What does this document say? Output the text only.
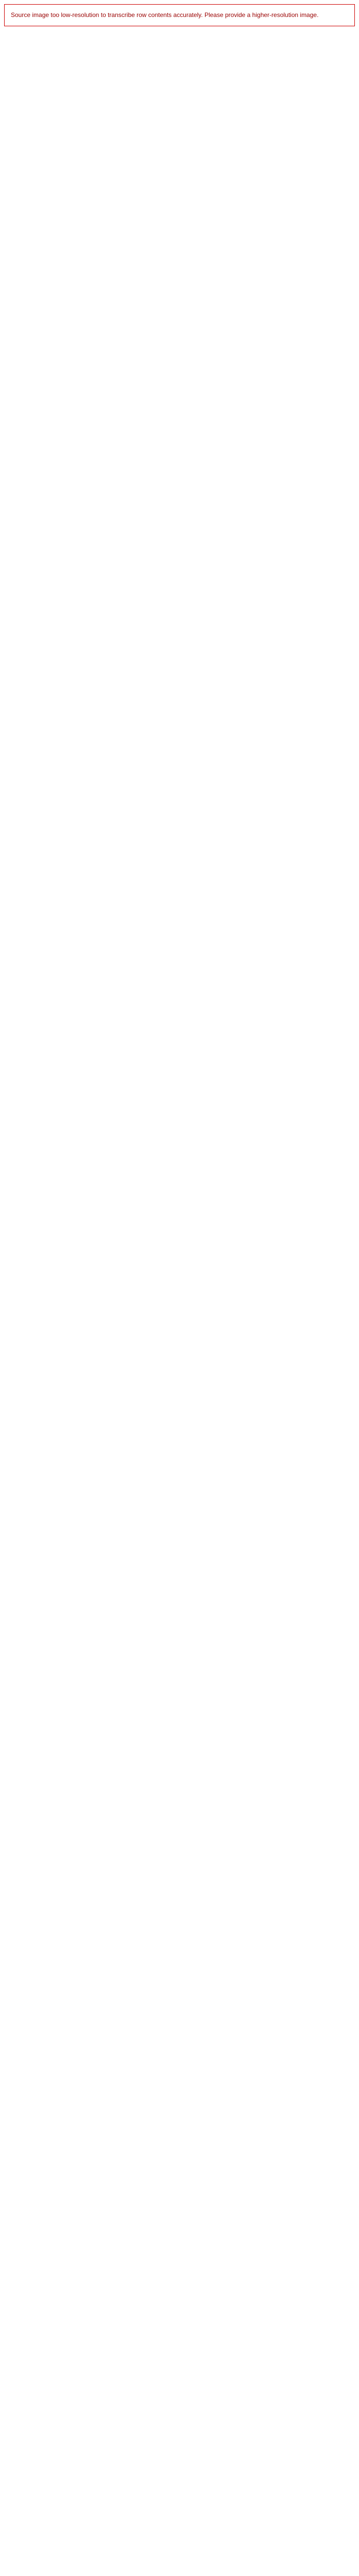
Source image too low-resolution to transcribe row contents accurately. Please provide a higher-resolution image.
